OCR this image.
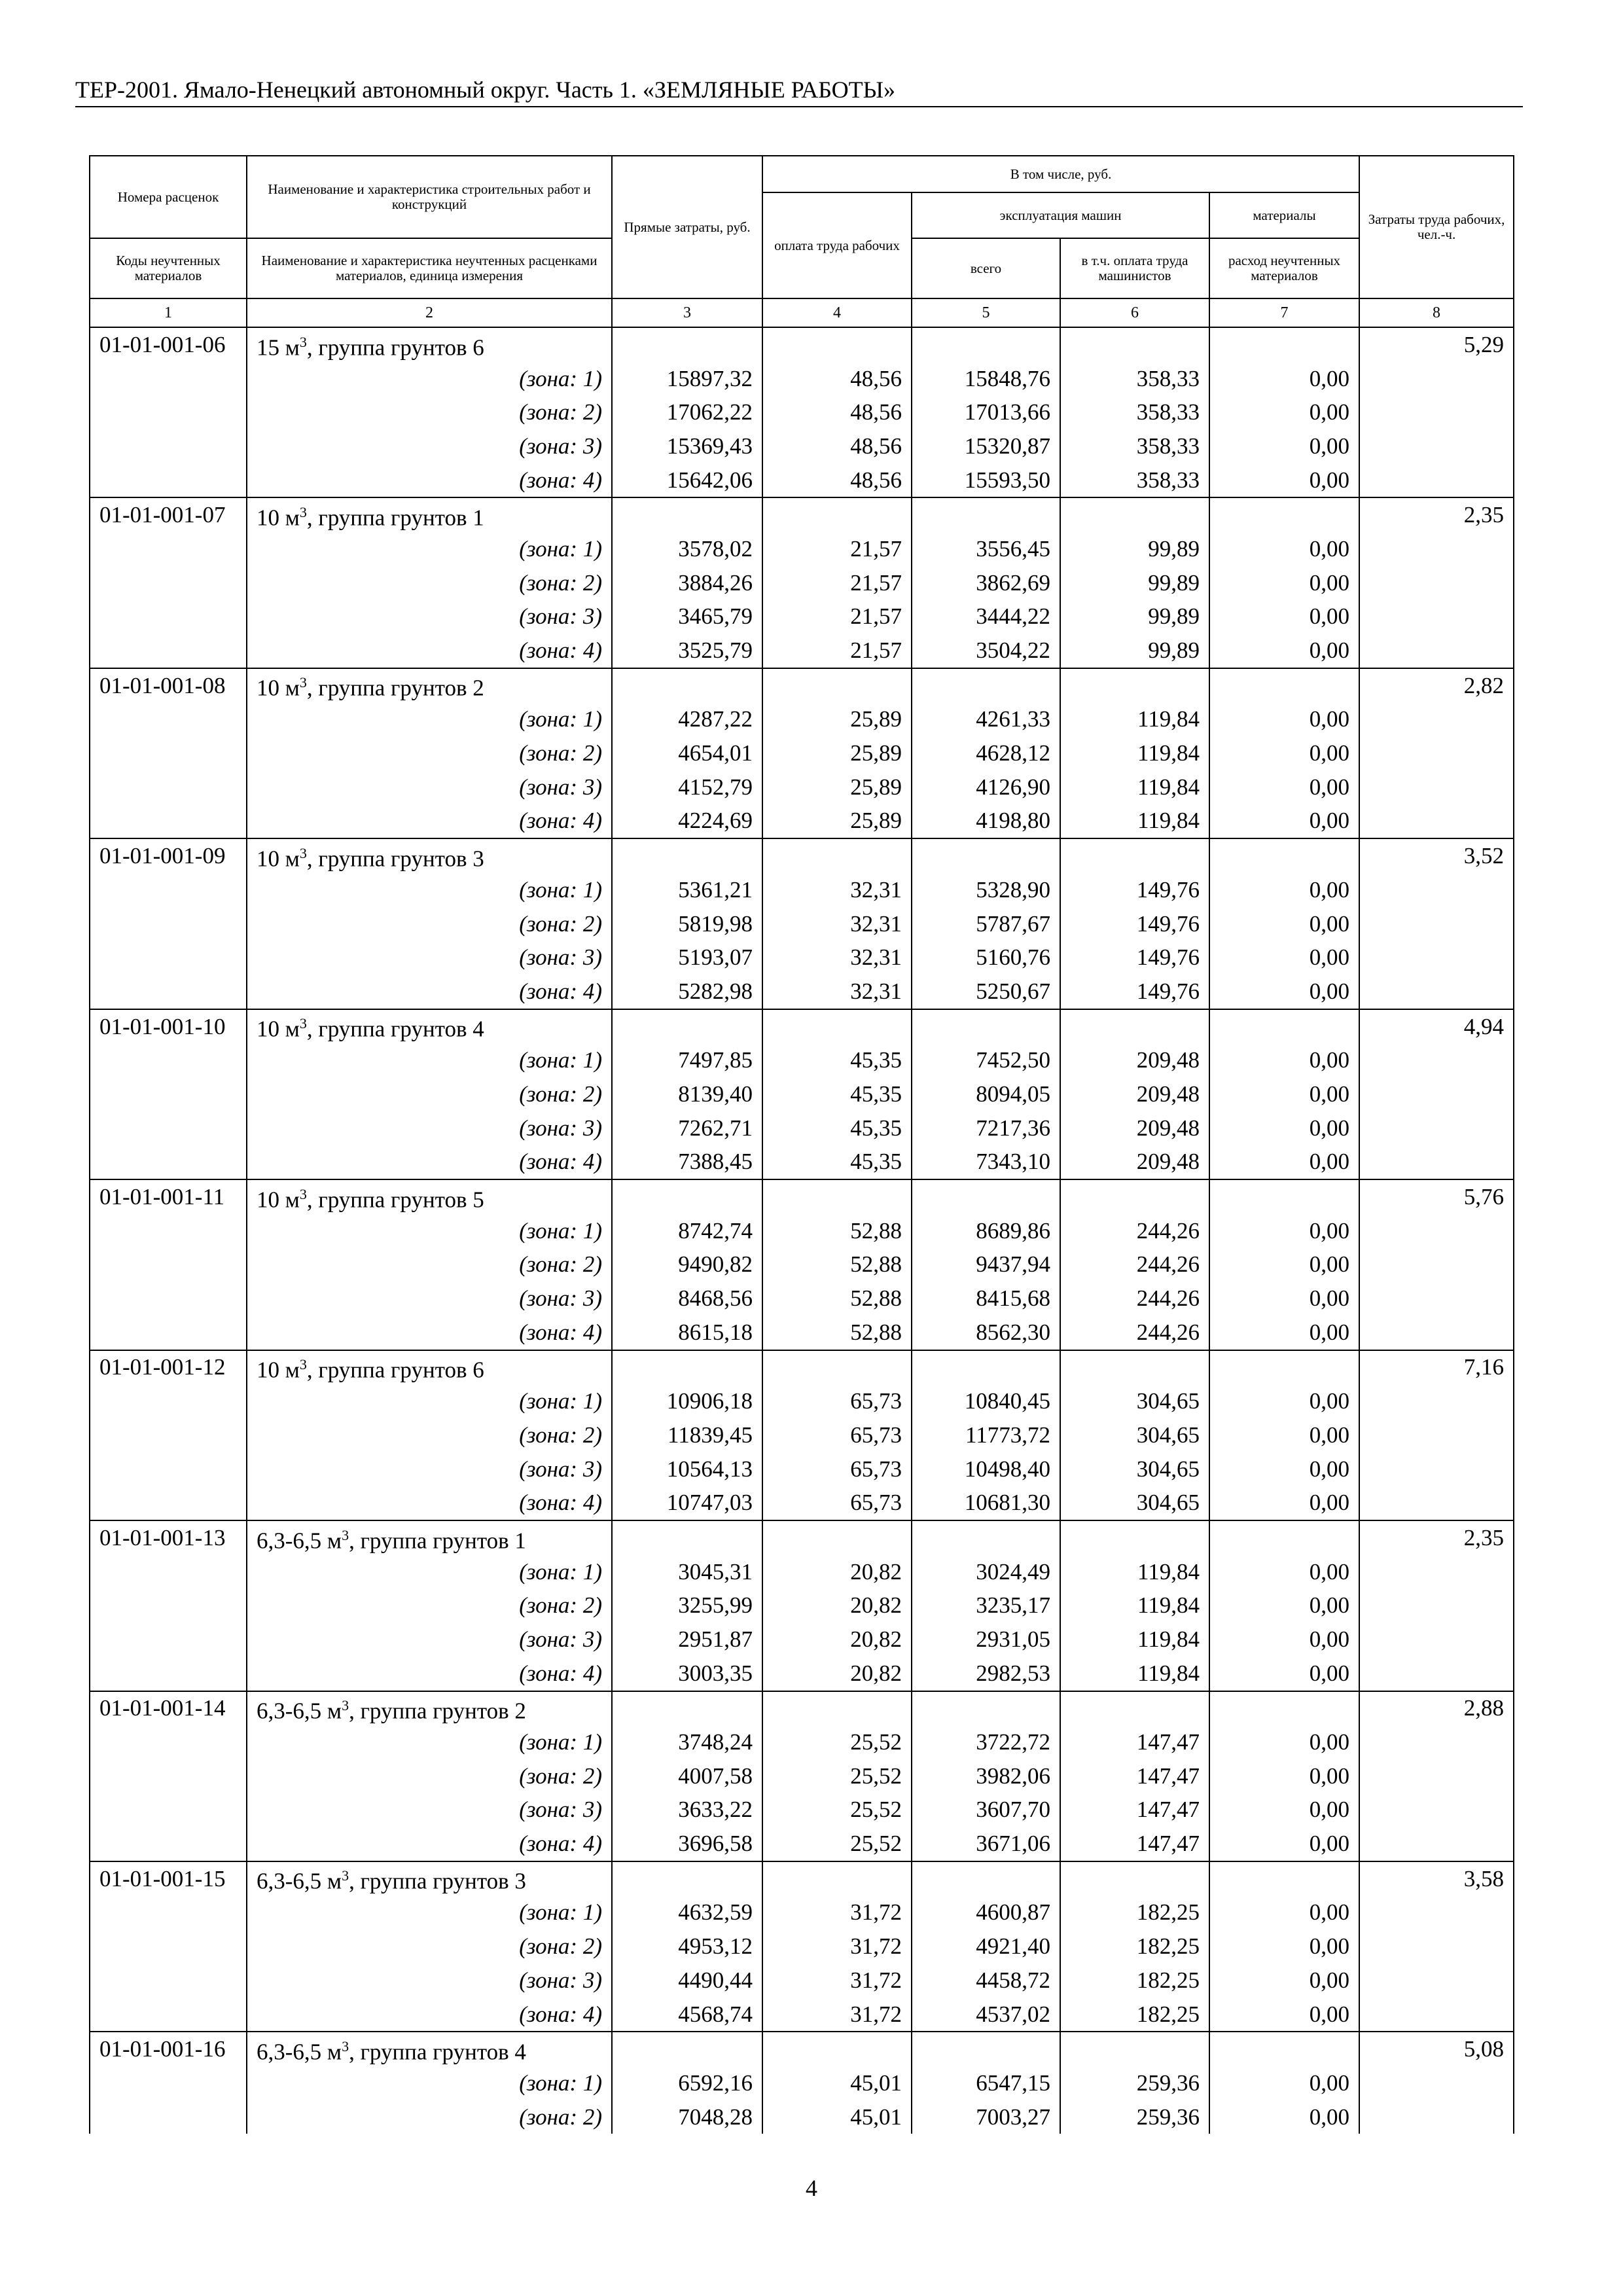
ТЕР-2001. Ямало-Ненецкий автономный округ. Часть 1. «ЗЕМЛЯНЫЕ РАБОТЫ»
Номера расценок	Наименование и характеристика строительных работ и конструкций	Прямые затраты, руб.	В том числе, руб.				Затраты труда рабочих, чел.-ч.
			оплата труда рабочих	эксплуатация машин		материалы	
Коды неучтенных материалов	Наименование и характеристика неучтенных расценками материалов, единица измерения			всего	в т.ч. оплата труда машинистов	расход неучтенных материалов	
1	2	3	4	5	6	7	8
01-01-001-06	15 $м^3$, группа грунтов 6						5,29
	(зона: 1)	15897,32	48,56	15848,76	358,33	0,00	
	(зона: 2)	17062,22	48,56	17013,66	358,33	0,00	
	(зона: 3)	15369,43	48,56	15320,87	358,33	0,00	
	(зона: 4)	15642,06	48,56	15593,50	358,33	0,00	
01-01-001-07	10 $м^3$, группа грунтов 1						2,35
	(зона: 1)	3578,02	21,57	3556,45	99,89	0,00	
	(зона: 2)	3884,26	21,57	3862,69	99,89	0,00	
	(зона: 3)	3465,79	21,57	3444,22	99,89	0,00	
	(зона: 4)	3525,79	21,57	3504,22	99,89	0,00	
01-01-001-08	10 $м^3$, группа грунтов 2						2,82
	(зона: 1)	4287,22	25,89	4261,33	119,84	0,00	
	(зона: 2)	4654,01	25,89	4628,12	119,84	0,00	
	(зона: 3)	4152,79	25,89	4126,90	119,84	0,00	
	(зона: 4)	4224,69	25,89	4198,80	119,84	0,00	
01-01-001-09	10 $м^3$, группа грунтов 3						3,52
	(зона: 1)	5361,21	32,31	5328,90	149,76	0,00	
	(зона: 2)	5819,98	32,31	5787,67	149,76	0,00	
	(зона: 3)	5193,07	32,31	5160,76	149,76	0,00	
	(зона: 4)	5282,98	32,31	5250,67	149,76	0,00	
01-01-001-10	10 $м^3$, группа грунтов 4						4,94
	(зона: 1)	7497,85	45,35	7452,50	209,48	0,00	
	(зона: 2)	8139,40	45,35	8094,05	209,48	0,00	
	(зона: 3)	7262,71	45,35	7217,36	209,48	0,00	
	(зона: 4)	7388,45	45,35	7343,10	209,48	0,00	
01-01-001-11	10 $м^3$, группа грунтов 5						5,76
	(зона: 1)	8742,74	52,88	8689,86	244,26	0,00	
	(зона: 2)	9490,82	52,88	9437,94	244,26	0,00	
	(зона: 3)	8468,56	52,88	8415,68	244,26	0,00	
	(зона: 4)	8615,18	52,88	8562,30	244,26	0,00	
01-01-001-12	10 $м^3$, группа грунтов 6						7,16
	(зона: 1)	10906,18	65,73	10840,45	304,65	0,00	
	(зона: 2)	11839,45	65,73	11773,72	304,65	0,00	
	(зона: 3)	10564,13	65,73	10498,40	304,65	0,00	
	(зона: 4)	10747,03	65,73	10681,30	304,65	0,00	
01-01-001-13	6,3-6,5 $м^3$, группа грунтов 1						2,35
	(зона: 1)	3045,31	20,82	3024,49	119,84	0,00	
	(зона: 2)	3255,99	20,82	3235,17	119,84	0,00	
	(зона: 3)	2951,87	20,82	2931,05	119,84	0,00	
	(зона: 4)	3003,35	20,82	2982,53	119,84	0,00	
01-01-001-14	6,3-6,5 $м^3$, группа грунтов 2						2,88
	(зона: 1)	3748,24	25,52	3722,72	147,47	0,00	
	(зона: 2)	4007,58	25,52	3982,06	147,47	0,00	
	(зона: 3)	3633,22	25,52	3607,70	147,47	0,00	
	(зона: 4)	3696,58	25,52	3671,06	147,47	0,00	
01-01-001-15	6,3-6,5 $м^3$, группа грунтов 3						3,58
	(зона: 1)	4632,59	31,72	4600,87	182,25	0,00	
	(зона: 2)	4953,12	31,72	4921,40	182,25	0,00	
	(зона: 3)	4490,44	31,72	4458,72	182,25	0,00	
	(зона: 4)	4568,74	31,72	4537,02	182,25	0,00	
01-01-001-16	6,3-6,5 $м^3$, группа грунтов 4						5,08
	(зона: 1)	6592,16	45,01	6547,15	259,36	0,00	
	(зона: 2)	7048,28	45,01	7003,27	259,36	0,00	
4
